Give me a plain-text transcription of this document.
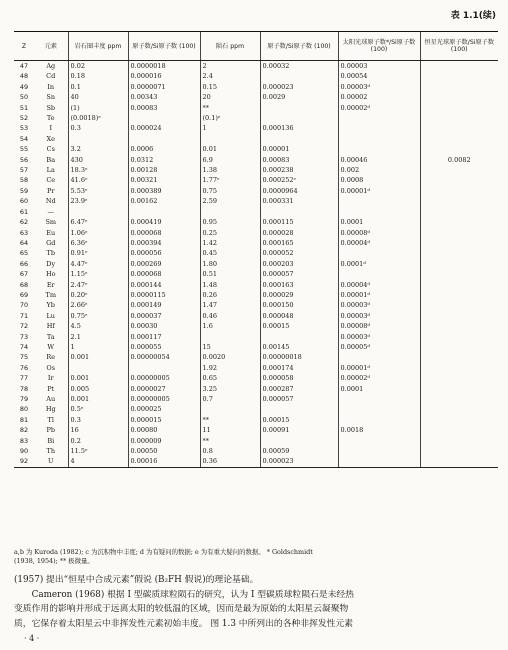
表 1.1(续)
Z	元素	岩石圈丰度 ppm	原子数/Si原子数 (100)	陨石 ppm	原子数/Si原子数 (100)	太阳光球原子数*/Si原子数(100)	恒星光球原子数/Si原子数(100)
47	Ag	0.02	0.0000018	2	0.00032	0.00003	
48	Cd	0.18	0.000016	2.4		0.00054	
49	In	0.1	0.0000071	0.15	0.000023	0.00003ᵈ	
50	Sn	40	0.00343	20	0.0029	0.00002	
51	Sb	(1)	0.00083	**		0.00002ᵈ	
52	Te	(0.0018)ᵉ		(0.1)ᵉ			
53	I	0.3	0.000024	1	0.000136		
54	Xe						
55	Cs	3.2	0.0006	0.01	0.00001		
56	Ba	430	0.0312	6.9	0.00083	0.00046	0.0082
57	La	18.3ᵉ	0.00128	1.38	0.000238	0.002	
58	Ce	41.6ᵉ	0.00321	1.77ᵉ	0.000252ᵉ	0.0008	
59	Pr	5.53ᵉ	0.000389	0.75	0.0000964	0.00001ᵈ	
60	Nd	23.9ᵉ	0.00162	2.59	0.000331		
61	—						
62	Sm	6.47ᵉ	0.000419	0.95	0.000115	0.0001	
63	Eu	1.06ᵉ	0.000068	0.25	0.000028	0.00008ᵈ	
64	Gd	6.36ᵉ	0.000394	1.42	0.000165	0.00004ᵈ	
65	Tb	0.91ᵉ	0.000056	0.45	0.000052		
66	Dy	4.47ᵉ	0.000269	1.80	0.000203	0.0001ᵈ	
67	Ho	1.15ᵉ	0.000068	0.51	0.000057		
68	Er	2.47ᵉ	0.000144	1.48	0.000163	0.00004ᵈ	
69	Tm	0.20ᵉ	0.0000115	0.26	0.000029	0.00001ᵈ	
70	Yb	2.66ᵉ	0.000149	1.47	0.000150	0.00003ᵈ	
71	Lu	0.75ᵉ	0.000037	0.46	0.000048	0.00003ᵈ	
72	Hf	4.5	0.00030	1.6	0.00015	0.00008ᵈ	
73	Ta	2.1	0.000117			0.00003ᵈ	
74	W	1	0.000055	15	0.00145	0.00005ᵈ	
75	Re	0.001	0.00000054	0.0020	0.00000018		
76	Os			1.92	0.000174	0.00001ᵈ	
77	Ir	0.001	0.00000005	0.65	0.000058	0.00002ᵈ	
78	Pt	0.005	0.0000027	3.25	0.000287	0.0001	
79	Au	0.001	0.00000005	0.7	0.000057		
80	Hg	0.5ᵉ	0.000025				
81	Tl	0.3	0.000015	**	0.00015		
82	Pb	16	0.00080	11	0.00091	0.0018	
83	Bi	0.2	0.000009	**			
90	Th	11.5ᵉ	0.00050	0.8	0.00059		
92	U	4	0.00016	0.36	0.000023		
a,b 为 Kuroda (1982); c 为沉积物中丰度; d 为有疑问的数据; e 为有重大疑问的数据。 * Goldschmidt
(1938, 1954); ** 极微量。

(1957) 提出“恒星中合成元素”假说 (B₂FH 假说)的理论基础。

　　Cameron (1968) 根据 I 型碳质球粒陨石的研究，认为 I 型碳质球粒陨石是未经热

变质作用的影响并形成于远离太阳的较低温的区域，因而是最为原始的太阳星云凝聚物

质，它保存着太阳星云中非挥发性元素初始丰度。 图 1.3 中所列出的各种非挥发性元素

· 4 ·
